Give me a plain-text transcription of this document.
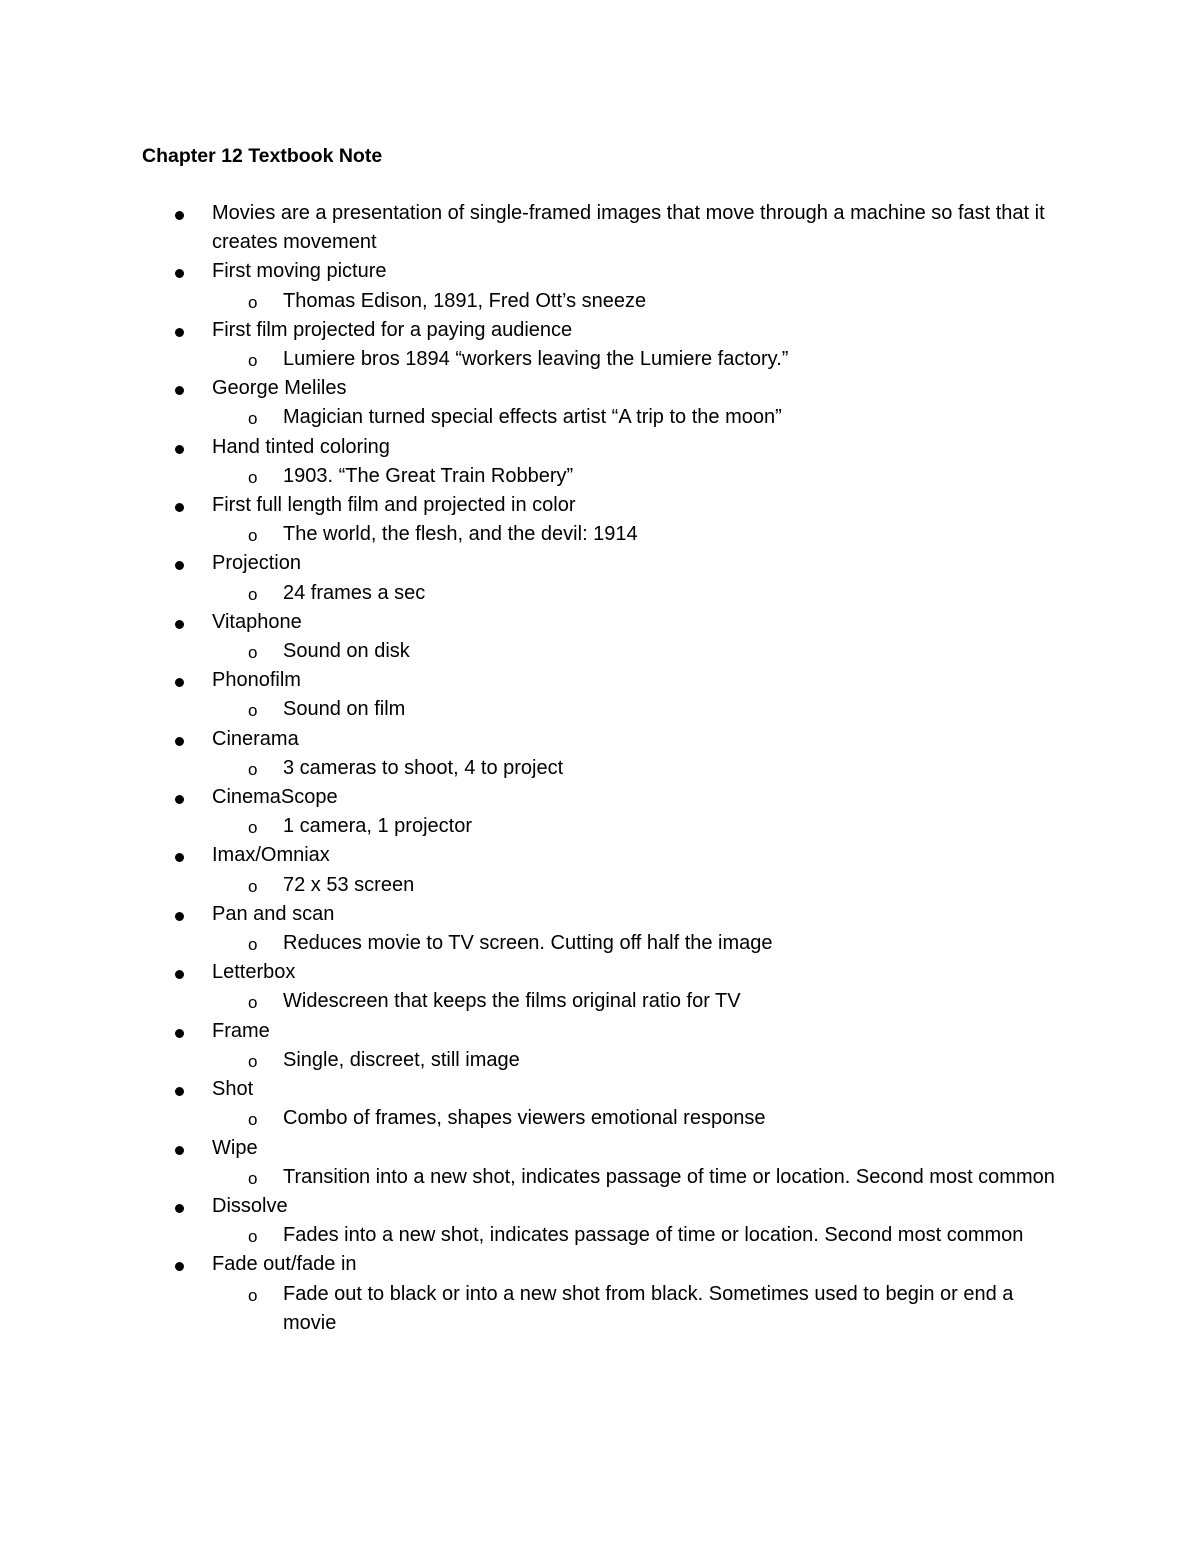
Chapter 12 Textbook Note
Movies are a presentation of single-framed images that move through a machine so fast that it creates movement
First moving picture
o Thomas Edison, 1891, Fred Ott’s sneeze
First film projected for a paying audience
o Lumiere bros 1894 “workers leaving the Lumiere factory.”
George Meliles
o Magician turned special effects artist “A trip to the moon”
Hand tinted coloring
o 1903. “The Great Train Robbery”
First full length film and projected in color
o The world, the flesh, and the devil: 1914
Projection
o 24 frames a sec
Vitaphone
o Sound on disk
Phonofilm
o Sound on film
Cinerama
o 3 cameras to shoot, 4 to project
CinemaScope
o 1 camera, 1 projector
Imax/Omniax
o 72 x 53 screen
Pan and scan
o Reduces movie to TV screen. Cutting off half the image
Letterbox
o Widescreen that keeps the films original ratio for TV
Frame
o Single, discreet, still image
Shot
o Combo of frames, shapes viewers emotional response
Wipe
o Transition into a new shot, indicates passage of time or location. Second most common
Dissolve
o Fades into a new shot, indicates passage of time or location. Second most common
Fade out/fade in
o Fade out to black or into a new shot from black. Sometimes used to begin or end a movie
